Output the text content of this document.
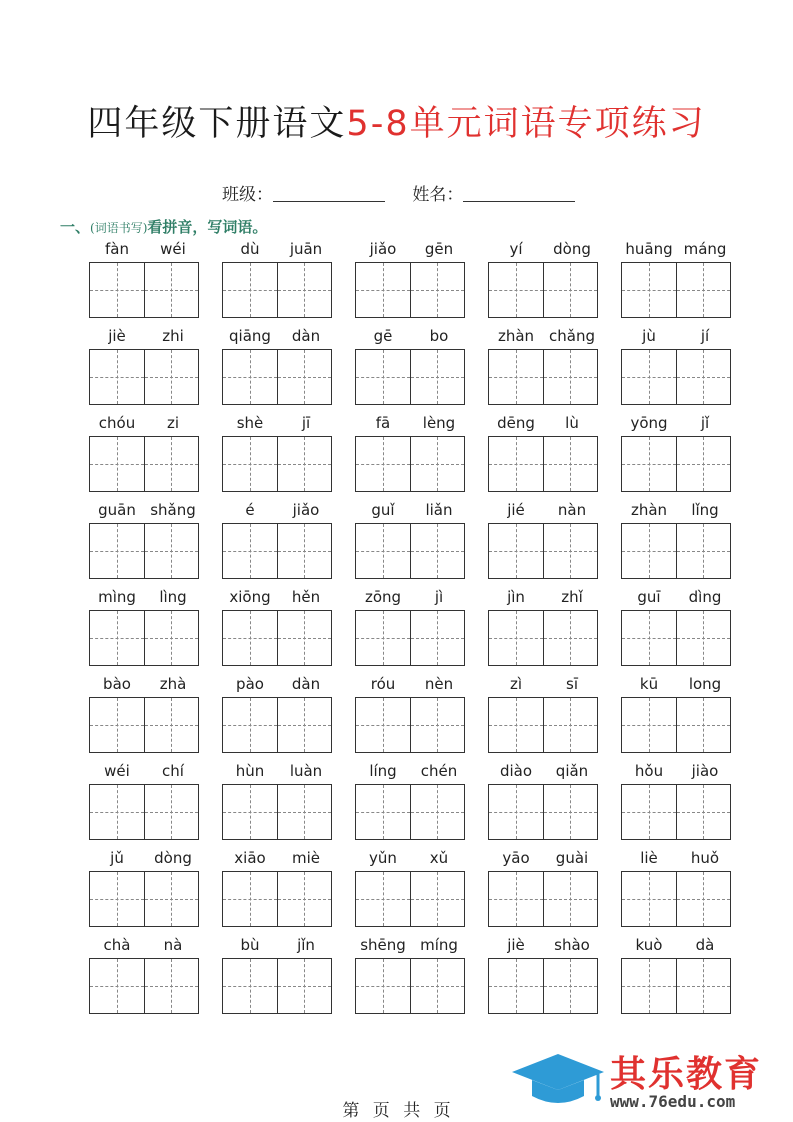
四年级下册语文5-8单元词语专项练习
班级：	姓名：
一、(词语书写)看拼音，写词语。
fàn	wéi	dù	juān	jiǎo	gēn	yí	dòng	huāng máng
jiè	zhi	qiāng	dàn	gē	bo	zhàn chǎng	jù	jí
chóu	zi	shè	jī	fā	lèng	dēng	lù	yōng	jǐ
guān shǎng	é	jiǎo	guǐ	liǎn	jié	nàn	zhàn	lǐng
mìng	lìng	xiōng	hěn	zōng	jì	jìn	zhǐ	guī	dìng
bào	zhà	pào	dàn	róu	nèn	zì	sī	kū	long
wéi	chí	hùn	luàn	líng	chén	diào	qiǎn	hǒu	jiào
jǔ	dòng	xiāo	miè	yǔn	xǔ	yāo	guài	liè	huǒ
chà	nà	bù	jǐn	shēng míng	jiè	shào	kuò	dà
其乐教育
www.76edu.com
第 页 共 页
